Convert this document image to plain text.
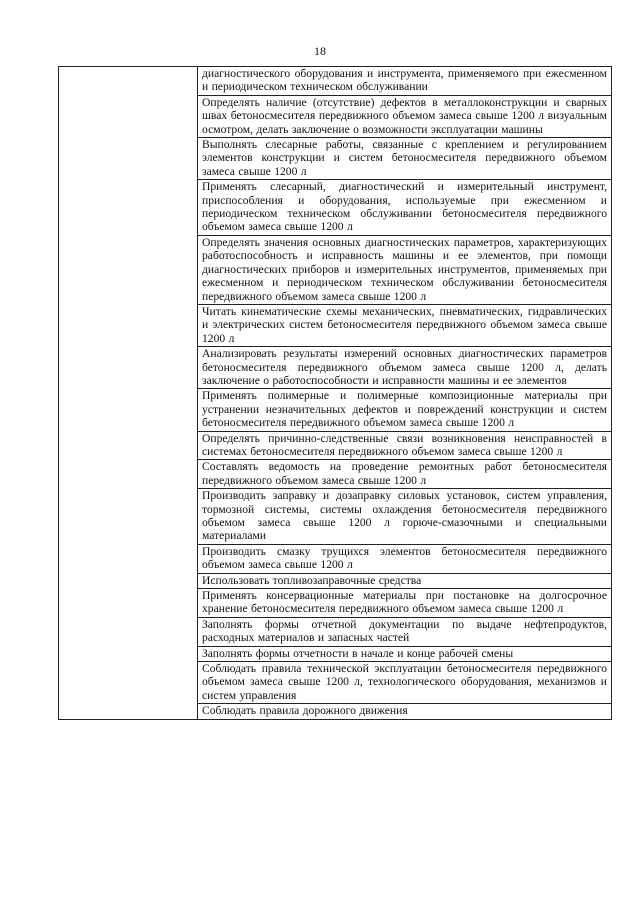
18
	диагностического оборудования и инструмента, применяемого при ежесменном и периодическом техническом обслуживании
Определять наличие (отсутствие) дефектов в металлоконструкции и сварных швах бетоносмесителя передвижного объемом замеса свыше 1200 л визуальным осмотром, делать заключение о возможности эксплуатации машины
Выполнять слесарные работы, связанные с креплением и регулированием элементов конструкции и систем бетоносмесителя передвижного объемом замеса свыше 1200 л
Применять слесарный, диагностический и измерительный инструмент, приспособления и оборудования, используемые при ежесменном и периодическом техническом обслуживании бетоносмесителя передвижного объемом замеса свыше 1200 л
Определять значения основных диагностических параметров, характеризующих работоспособность и исправность машины и ее элементов, при помощи диагностических приборов и измерительных инструментов, применяемых при ежесменном и периодическом техническом обслуживании бетоносмесителя передвижного объемом замеса свыше 1200 л
Читать кинематические схемы механических, пневматических, гидравлических и электрических систем бетоносмесителя передвижного объемом замеса свыше 1200 л
Анализировать результаты измерений основных диагностических параметров бетоносмесителя передвижного объемом замеса свыше 1200 л, делать заключение о работоспособности и исправности машины и ее элементов
Применять полимерные и полимерные композиционные материалы при устранении незначительных дефектов и повреждений конструкции и систем бетоносмесителя передвижного объемом замеса свыше 1200 л
Определять причинно-следственные связи возникновения неисправностей в системах бетоносмесителя передвижного объемом замеса свыше 1200 л
Составлять ведомость на проведение ремонтных работ бетоносмесителя передвижного объемом замеса свыше 1200 л
Производить заправку и дозаправку силовых установок, систем управления, тормозной системы, системы охлаждения бетоносмесителя передвижного объемом замеса свыше 1200 л горюче-смазочными и специальными материалами
Производить смазку трущихся элементов бетоносмесителя передвижного объемом замеса свыше 1200 л
Использовать топливозаправочные средства
Применять консервационные материалы при постановке на долгосрочное хранение бетоносмесителя передвижного объемом замеса свыше 1200 л
Заполнять формы отчетной документации по выдаче нефтепродуктов, расходных материалов и запасных частей
Заполнять формы отчетности в начале и конце рабочей смены
Соблюдать правила технической эксплуатации бетоносмесителя передвижного объемом замеса свыше 1200 л, технологического оборудования, механизмов и систем управления
Соблюдать правила дорожного движения
